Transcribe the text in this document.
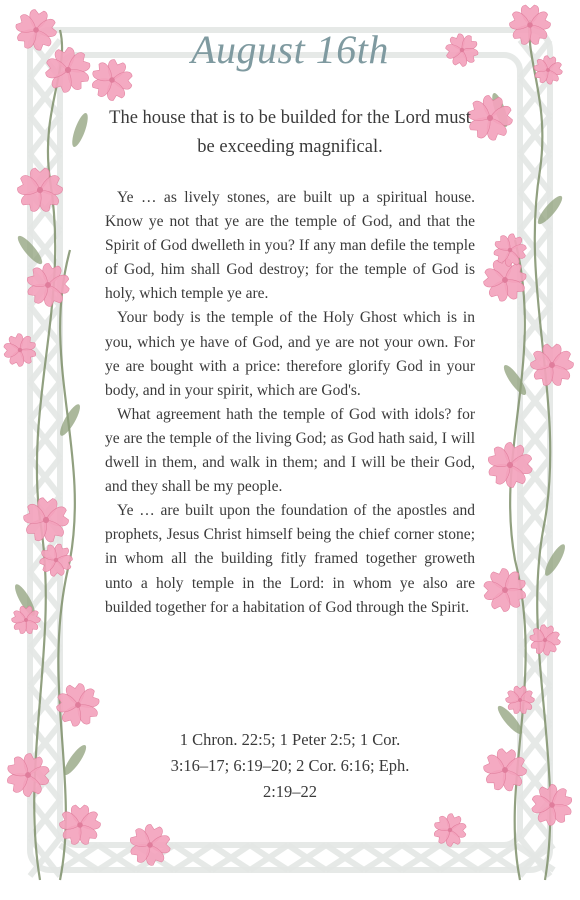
August 16th
The house that is to be builded for the Lord must be exceeding magnifical.

Ye … as lively stones, are built up a spiritual house. Know ye not that ye are the temple of God, and that the Spirit of God dwelleth in you? If any man defile the temple of God, him shall God destroy; for the temple of God is holy, which temple ye are.

Your body is the temple of the Holy Ghost which is in you, which ye have of God, and ye are not your own. For ye are bought with a price: therefore glorify God in your body, and in your spirit, which are God's.

What agreement hath the temple of God with idols? for ye are the temple of the living God; as God hath said, I will dwell in them, and walk in them; and I will be their God, and they shall be my people.

Ye … are built upon the foundation of the apostles and prophets, Jesus Christ himself being the chief corner stone; in whom all the building fitly framed together groweth unto a holy temple in the Lord: in whom ye also are builded together for a habitation of God through the Spirit.

1 Chron. 22:5; 1 Peter 2:5; 1 Cor. 3:16–17; 6:19–20; 2 Cor. 6:16; Eph. 2:19–22
